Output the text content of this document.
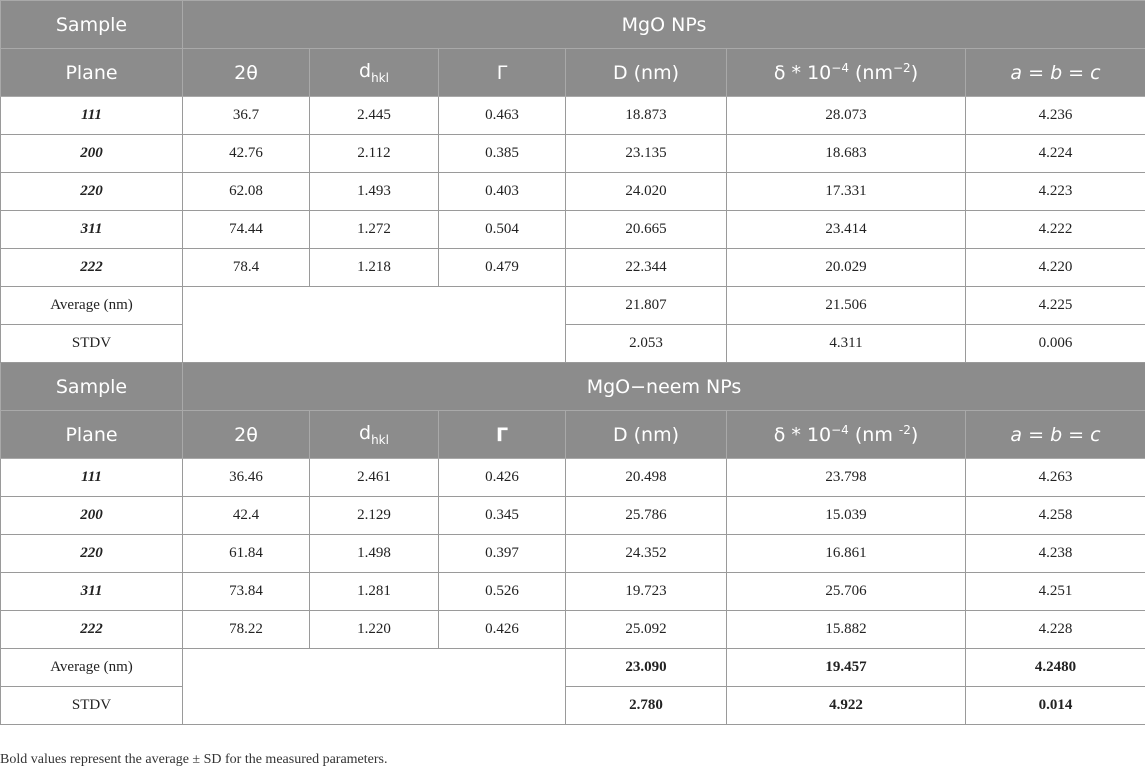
Sample	MgO NPs					
Plane	2θ	$d_{hkl}$	Γ	D (nm)	δ * $10^{-4}$ $(nm^{-2})$	a = b = c
111	36.7	2.445	0.463	18.873	28.073	4.236
200	42.76	2.112	0.385	23.135	18.683	4.224
220	62.08	1.493	0.403	24.020	17.331	4.223
311	74.44	1.272	0.504	20.665	23.414	4.222
222	78.4	1.218	0.479	22.344	20.029	4.220
Average (nm)				21.807	21.506	4.225
STDV				2.053	4.311	0.006
Sample	MgO−neem NPs					
Plane	2θ	$d_{hkl}$	Γ	D (nm)	δ * $10^{-4}$ (nm $^{-2}$)	a = b = c
111	36.46	2.461	0.426	20.498	23.798	4.263
200	42.4	2.129	0.345	25.786	15.039	4.258
220	61.84	1.498	0.397	24.352	16.861	4.238
311	73.84	1.281	0.526	19.723	25.706	4.251
222	78.22	1.220	0.426	25.092	15.882	4.228
Average (nm)				23.090	19.457	4.2480
STDV				2.780	4.922	0.014
Bold values represent the average ± SD for the measured parameters.
